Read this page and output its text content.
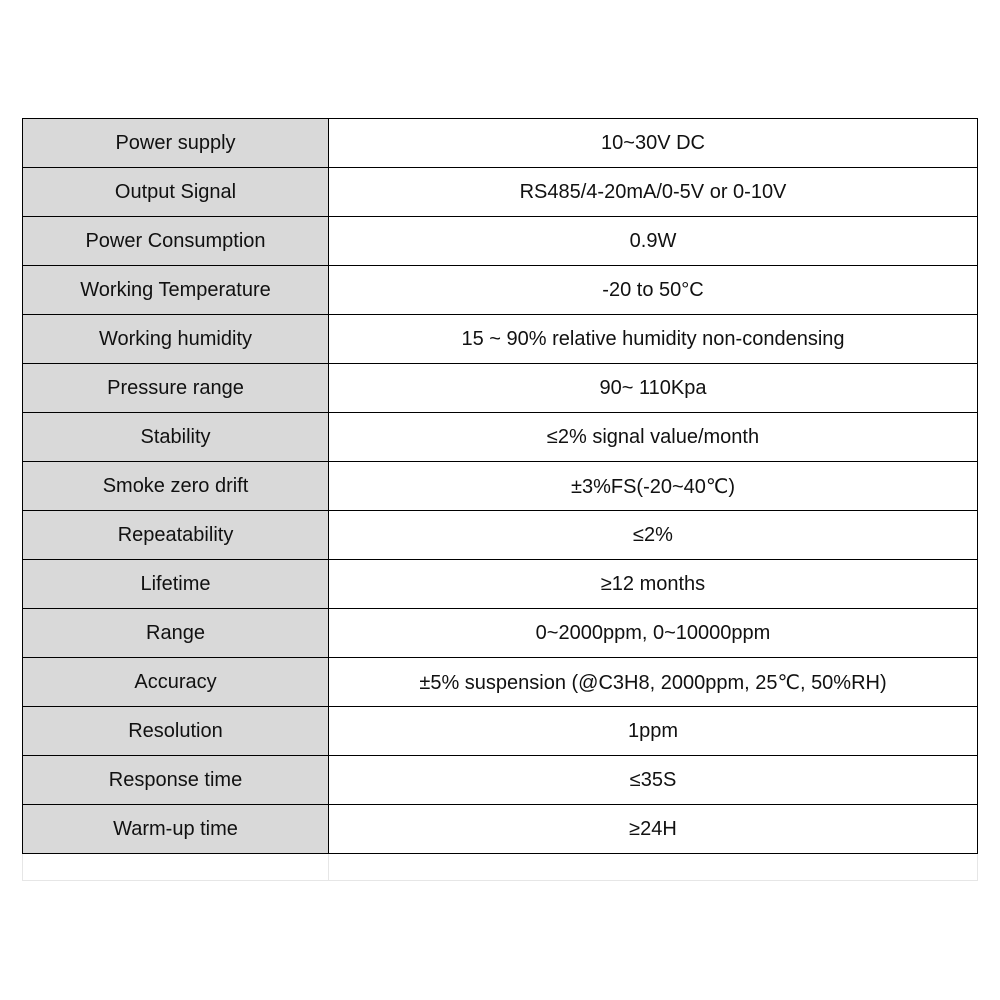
Power supply	10~30V DC
Output Signal	RS485/4-20mA/0-5V or 0-10V
Power Consumption	0.9W
Working Temperature	-20 to 50°C
Working humidity	15 ~ 90% relative humidity non-condensing
Pressure range	90~ 110Kpa
Stability	≤2% signal value/month
Smoke zero drift	±3%FS(-20~40℃)
Repeatability	≤2%
Lifetime	≥12 months
Range	0~2000ppm, 0~10000ppm
Accuracy	±5% suspension (@C3H8, 2000ppm, 25℃, 50%RH)
Resolution	1ppm
Response time	≤35S
Warm-up time	≥24H
